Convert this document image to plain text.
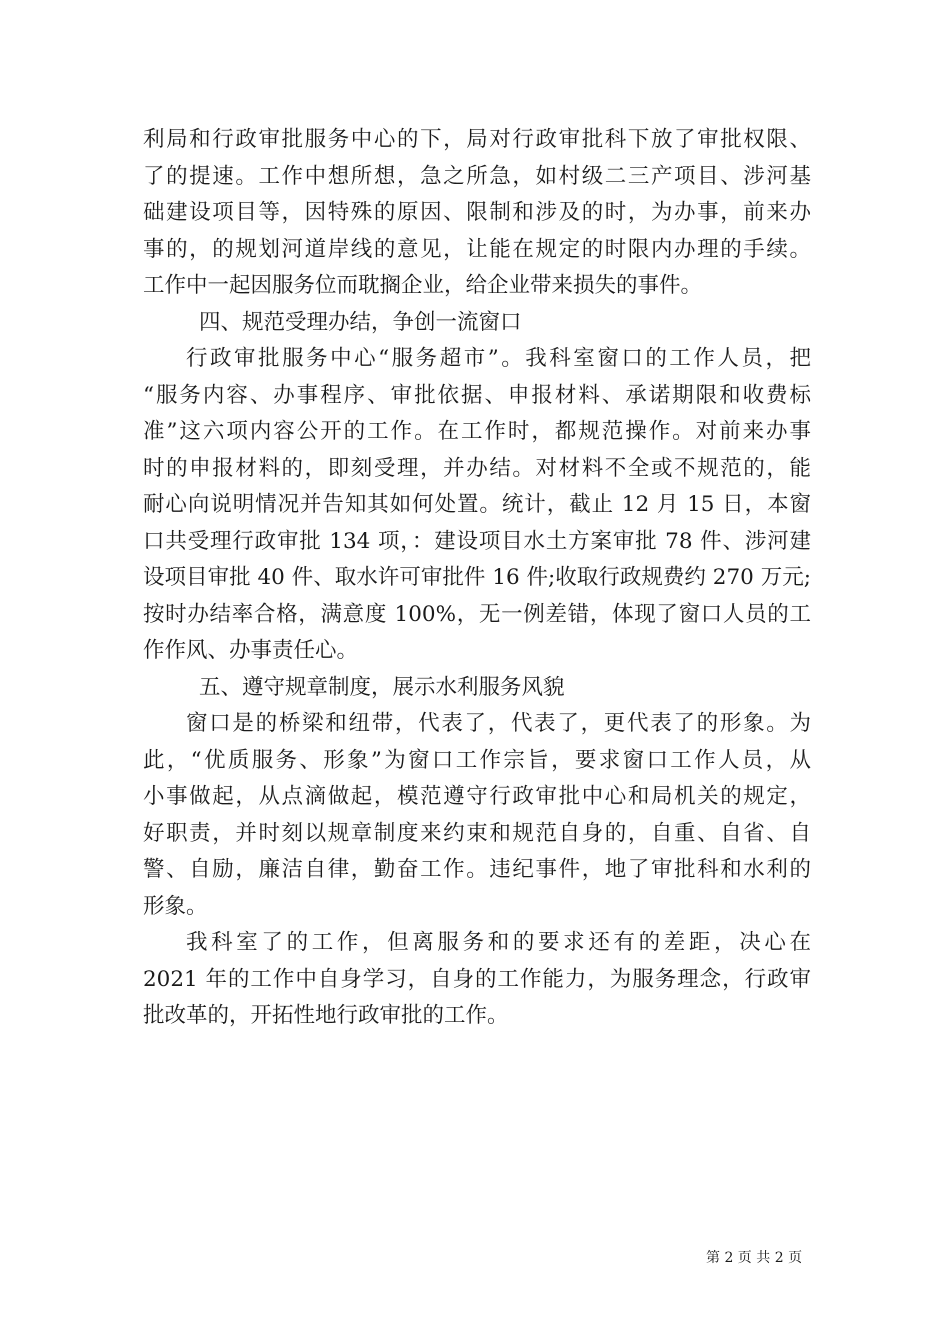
利局和行政审批服务中心的下，局对行政审批科下放了审批权限、
了的提速。工作中想所想，急之所急，如村级二三产项目、涉河基
础建设项目等，因特殊的原因、限制和涉及的时，为办事，前来办
事的，的规划河道岸线的意见，让能在规定的时限内办理的手续。
工作中一起因服务位而耽搁企业，给企业带来损失的事件。
四、规范受理办结，争创一流窗口
行政审批服务中心“服务超市”。我科室窗口的工作人员，把
“服务内容、办事程序、审批依据、申报材料、承诺期限和收费标
准”这六项内容公开的工作。在工作时，都规范操作。对前来办事
时的申报材料的，即刻受理，并办结。对材料不全或不规范的，能
耐心向说明情况并告知其如何处置。统计，截止 12 月 15 日，本窗
口共受理行政审批 134 项，：建设项目水土方案审批 78 件、涉河建
设项目审批 40 件、取水许可审批件 16 件;收取行政规费约 270 万元;
按时办结率合格，满意度 100%，无一例差错，体现了窗口人员的工
作作风、办事责任心。
五、遵守规章制度，展示水利服务风貌
窗口是的桥梁和纽带，代表了，代表了，更代表了的形象。为
此，“优质服务、形象”为窗口工作宗旨，要求窗口工作人员，从
小事做起，从点滴做起，模范遵守行政审批中心和局机关的规定，
好职责，并时刻以规章制度来约束和规范自身的，自重、自省、自
警、自励，廉洁自律，勤奋工作。违纪事件，地了审批科和水利的
形象。
我科室了的工作，但离服务和的要求还有的差距，决心在
2021 年的工作中自身学习，自身的工作能力，为服务理念，行政审
批改革的，开拓性地行政审批的工作。
第 2 页 共 2 页
